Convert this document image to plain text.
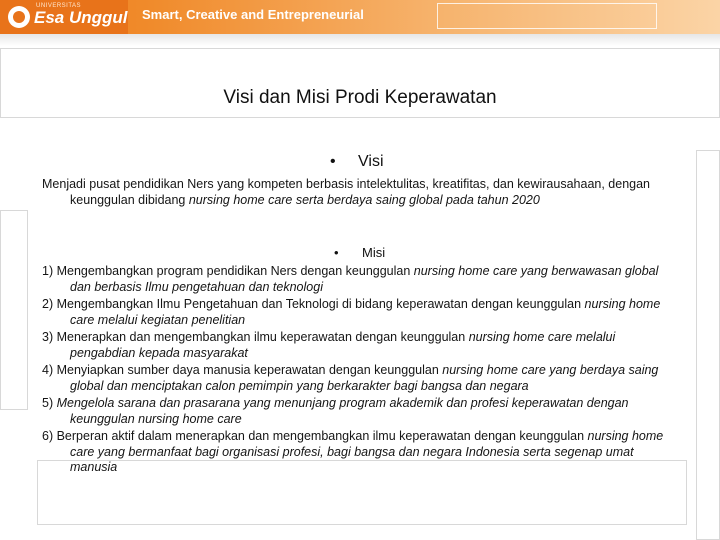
UNIVERSITAS
Esa Unggul Smart, Creative and Entrepreneurial
Visi dan Misi Prodi Keperawatan
• Visi

Menjadi pusat pendidikan Ners yang kompeten berbasis intelektulitas, kreatifitas, dan kewirausahaan, dengan keunggulan dibidang nursing home care serta berdaya saing global pada tahun 2020

• Misi

1) Mengembangkan program pendidikan Ners dengan keunggulan nursing home care yang berwawasan global dan berbasis Ilmu pengetahuan dan teknologi

2) Mengembangkan Ilmu Pengetahuan dan Teknologi di bidang keperawatan dengan keunggulan nursing home care melalui kegiatan penelitian

3) Menerapkan dan mengembangkan ilmu keperawatan dengan keunggulan nursing home care melalui pengabdian kepada masyarakat

4) Menyiapkan sumber daya manusia keperawatan dengan keunggulan nursing home care yang berdaya saing global dan menciptakan calon pemimpin yang berkarakter bagi bangsa dan negara

5) Mengelola sarana dan prasarana yang menunjang program akademik dan profesi keperawatan dengan keunggulan nursing home care

6) Berperan aktif dalam menerapkan dan mengembangkan ilmu keperawatan dengan keunggulan nursing home care yang bermanfaat bagi organisasi profesi, bagi bangsa dan negara Indonesia serta segenap umat manusia
